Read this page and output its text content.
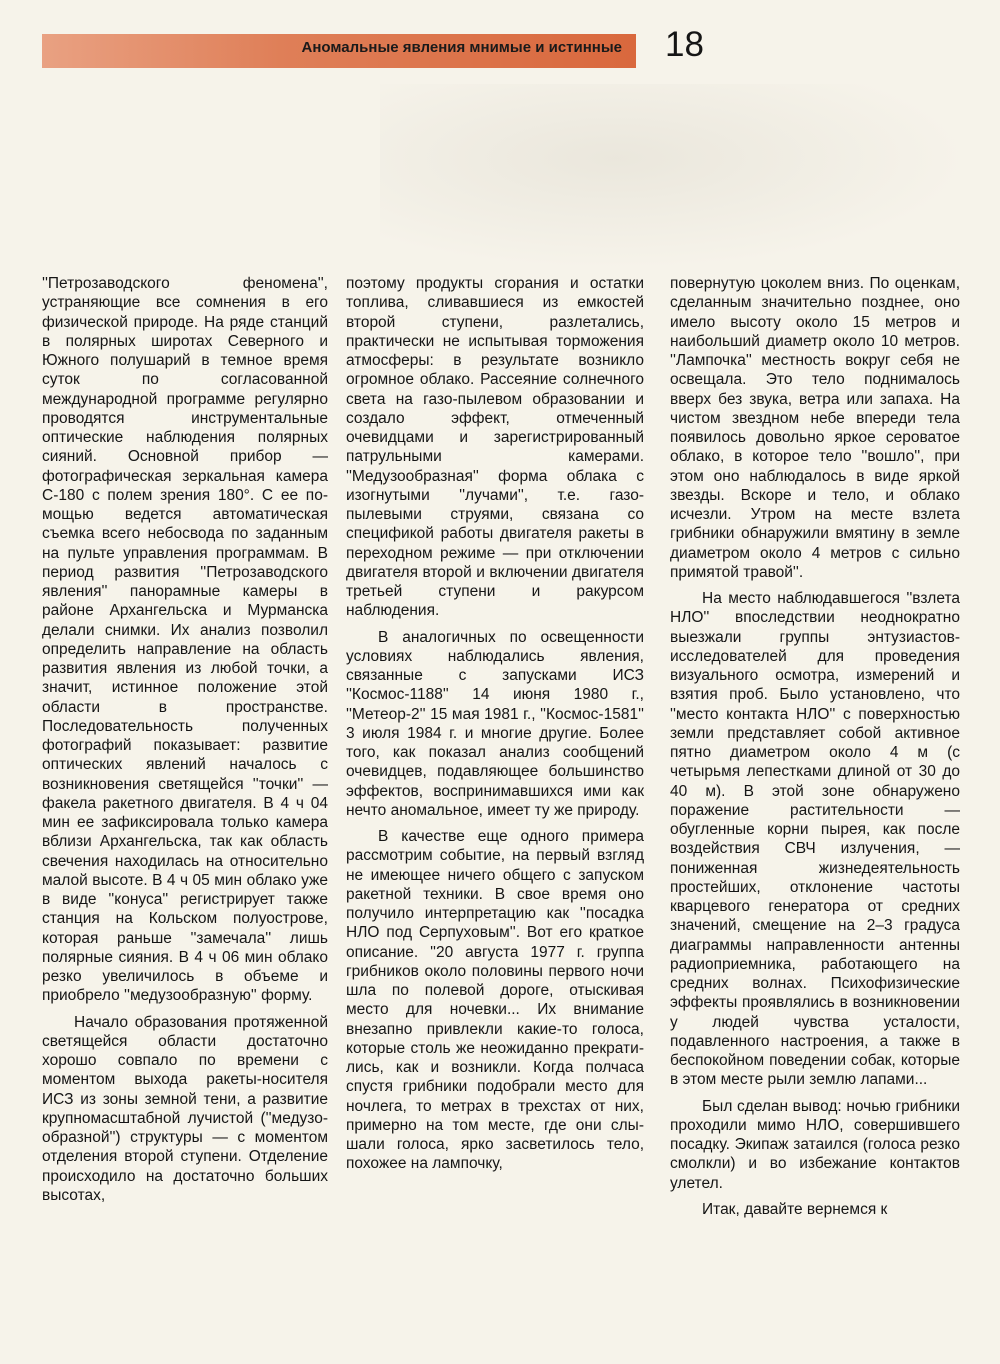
Аномальные явления мнимые и истинные 18

''Петрозаводского феномена'', устраняющие все сомнения в его физической природе. На ряде станций в полярных широтах Северного и Южного полушарий в темное время суток по согласованной международной программе регулярно проводятся инструментальные оптические наблюдения полярных сияний. Основной прибор — фотографическая зеркальная камера С-180 с полем зрения 180°. С ее помощью ведется автоматическая съемка всего небосвода по заданным на пульте управления программам. В период развития ''Петрозаводского явления'' панорамные камеры в районе Архангельска и Мурманска делали снимки. Их анализ позволил определить направление на область развития явления из любой точки, а значит, истинное положение этой области в пространстве. Последовательность полученных фотографий показывает: развитие оптических явлений началось с возникновения светящейся ''точки'' — факела ракетного двигателя. В 4 ч 04 мин ее зафиксировала только камера вблизи Архангельска, так как область свечения находилась на относительно малой высоте. В 4 ч 05 мин облако уже в виде ''конуса'' регистрирует также станция на Кольском полуострове, которая раньше ''замечала'' лишь полярные сияния. В 4 ч 06 мин облако резко увеличилось в объеме и приобрело ''медузообразную'' форму.

Начало образования протяженной светящейся области достаточно хорошо совпало по времени с моментом выхода ракеты-носителя ИСЗ из зоны земной тени, а развитие крупномасштабной лучистой (''медузообразной'') структуры — с моментом отделения второй ступени. Отделение происходило на достаточно больших высотах,

поэтому продукты сгорания и остатки топлива, сливавшиеся из емкостей второй ступени, разлетались, практически не испытывая торможения атмосферы: в результате возникло огромное облако. Рассеяние солнечного света на газо-пылевом образовании и создало эффект, отмеченный очевидцами и зарегистрированный патрульными камерами. ''Медузообразная'' форма облака с изогнутыми ''лучами'', т.е. газо-пылевыми струями, связана со спецификой работы двигателя ракеты в переходном режиме — при отключении двигателя второй и включении двигателя третьей ступени и ракурсом наблюдения.

В аналогичных по освещенности условиях наблюдались явления, связанные с запусками ИСЗ ''Космос-1188'' 14 июня 1980 г., ''Метеор-2'' 15 мая 1981 г., ''Космос-1581'' 3 июля 1984 г. и многие другие. Более того, как показал анализ сообщений очевидцев, подавляющее большинство эффектов, воспринимавшихся ими как нечто аномальное, имеет ту же природу.

В качестве еще одного примера рассмотрим событие, на первый взгляд не имеющее ничего общего с запуском ракетной техники. В свое время оно получило интерпретацию как ''посадка НЛО под Серпуховым''. Вот его краткое описание. ''20 августа 1977 г. группа грибников около половины первого ночи шла по полевой дороге, отыскивая место для ночевки... Их внимание внезапно привлекли какие-то голоса, которые столь же неожиданно прекратились, как и возникли. Когда полчаса спустя грибники подобрали место для ночлега, то метрах в трехстах от них, примерно на том месте, где они слышали голоса, ярко засветилось тело, похожее на лампочку,

повернутую цоколем вниз. По оценкам, сделанным значительно позднее, оно имело высоту около 15 метров и наибольший диаметр около 10 метров. ''Лампочка'' местность вокруг себя не освещала. Это тело поднималось вверх без звука, ветра или запаха. На чистом звездном небе впереди тела появилось довольно яркое сероватое облако, в которое тело ''вошло'', при этом оно наблюдалось в виде яркой звезды. Вскоре и тело, и облако исчезли. Утром на месте взлета грибники обнаружили вмятину в земле диаметром около 4 метров с сильно примятой травой''.

На место наблюдавшегося ''взлета НЛО'' впоследствии неоднократно выезжали группы энтузиастов-исследователей для проведения визуального осмотра, измерений и взятия проб. Было установлено, что ''место контакта НЛО'' с поверхностью земли представляет собой активное пятно диаметром около 4 м (с четырьмя лепестками длиной от 30 до 40 м). В этой зоне обнаружено поражение растительности — обугленные корни пырея, как после воздействия СВЧ излучения, — пониженная жизнедеятельность простейших, отклонение частоты кварцевого генератора от средних значений, смещение на 2–3 градуса диаграммы направленности антенны радиоприемника, работающего на средних волнах. Психофизические эффекты проявлялись в возникновении у людей чувства усталости, подавленного настроения, а также в беспокойном поведении собак, которые в этом месте рыли землю лапами...

Был сделан вывод: ночью грибники проходили мимо НЛО, совершившего посадку. Экипаж затаился (голоса резко смолкли) и во избежание контактов улетел.

Итак, давайте вернемся к
